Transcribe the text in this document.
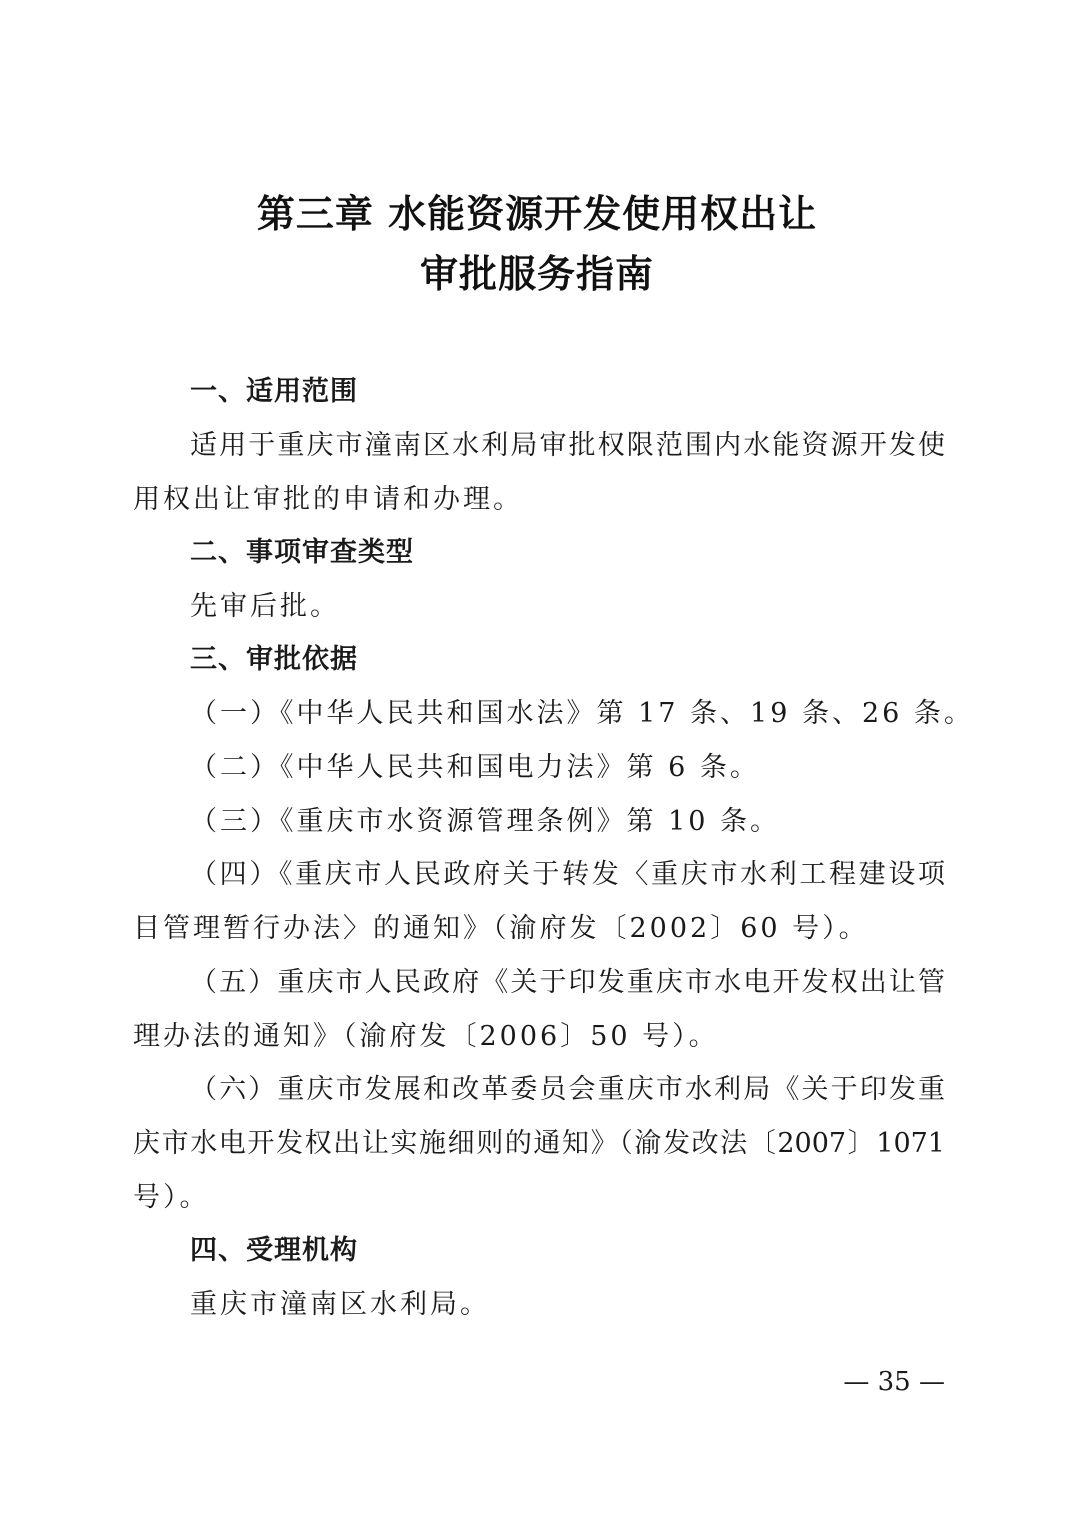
第三章 水能资源开发使用权出让
审批服务指南
一、适用范围
适用于重庆市潼南区水利局审批权限范围内水能资源开发使
用权出让审批的申请和办理。
二、事项审查类型
先审后批。
三、审批依据
（一）《中华人民共和国水法》第 17 条、19 条、26 条。
（二）《中华人民共和国电力法》第 6 条。
（三）《重庆市水资源管理条例》第 10 条。
（四）《重庆市人民政府关于转发〈重庆市水利工程建设项
目管理暂行办法〉的通知》（渝府发〔2002〕60 号）。
（五）重庆市人民政府《关于印发重庆市水电开发权出让管
理办法的通知》（渝府发〔2006〕50 号）。
（六）重庆市发展和改革委员会重庆市水利局《关于印发重
庆市水电开发权出让实施细则的通知》（渝发改法〔2007〕1071
号）。
四、受理机构
重庆市潼南区水利局。
— 35 —
